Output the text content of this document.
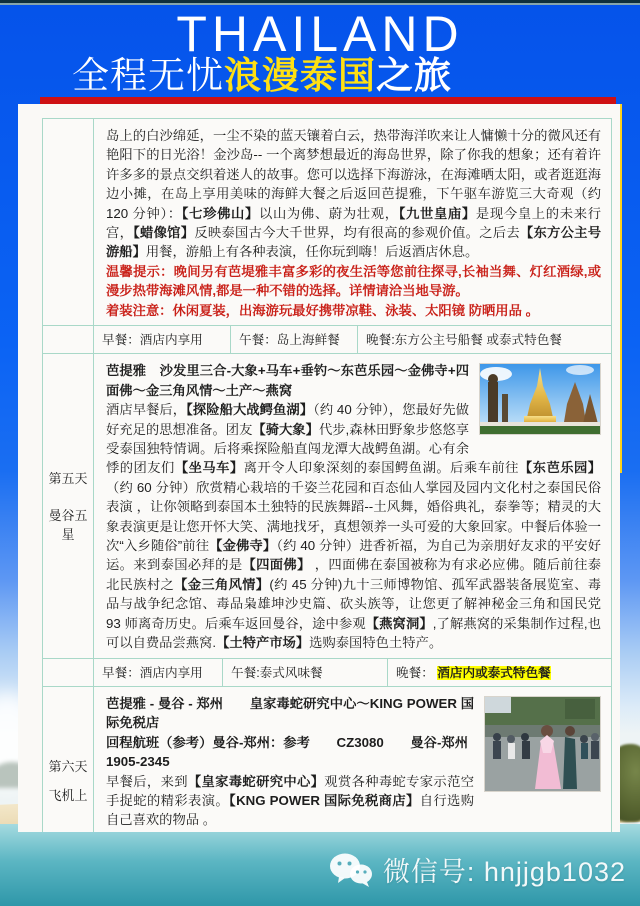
THAILAND
全程无忧浪漫泰国之旅

岛上的白沙绵延，一尘不染的蓝天镶着白云，热带海洋吹来让人慵懒十分的微风还有艳阳下的日光浴！金沙岛-- 一个离梦想最近的海岛世界，除了你我的想象；还有着许许多多的景点交织着迷人的故事。您可以选择下海游泳，在海滩晒太阳，或者逛逛海边小摊，在岛上享用美味的海鲜大餐之后返回芭提雅，下午驱车游览三大奇观（约 120 分钟）：【七珍佛山】以山为佛、蔚为壮观，【九世皇庙】是现今皇上的未来行宫，【蜡像馆】反映泰国古今大千世界，均有很高的参观价值。之后去【东方公主号游船】用餐，游船上有各种表演，任你玩到嗨！后返酒店休息。

温馨提示：晚间另有芭堤雅丰富多彩的夜生活等您前往探寻,长袖当舞、灯红酒绿,或漫步热带海滩风情,都是一种不错的选择。详情请洽当地导游。

着装注意：休闲夏装，出海游玩最好携带凉鞋、泳装、太阳镜 防晒用品 。

早餐：酒店内享用	午餐：岛上海鲜餐	晚餐:东方公主号船餐 或泰式特色餐
第五天
曼谷五星

芭提雅　沙发里三合-大象+马车+垂钓～东芭乐园～金佛寺+四面佛～金三角风情～土产～燕窝

酒店早餐后，【探险船大战鳄鱼湖】（约 40 分钟），您最好先做好充足的思想准备。团友【骑大象】代步,森林田野象步悠悠享受泰国独特情调。后将乘探险船直闯龙潭大战鳄鱼湖。心有余悸的团友们【坐马车】离开令人印象深刻的泰国鳄鱼湖。后乘车前往【东芭乐园】（约 60 分钟）欣赏精心栽培的千姿兰花园和百态仙人掌园及园内文化村之泰国民俗表演 ，让你领略到泰国本土独特的民族舞蹈--土风舞，婚俗典礼，泰拳等；精灵的大象表演更是让您开怀大笑、满地找牙，真想领养一头可爱的大象回家。中餐后体验一次“入乡随俗”前往【金佛寺】（约 40 分钟）进香祈福，为自己为亲朋好友求的平安好运。来到泰国必拜的是【四面佛】 ，四面佛在泰国被称为有求必应佛。随后前往泰北民族村之【金三角风情】(约 45 分钟)九十三师博物馆、孤军武器装备展览室、毒品与战争纪念馆、毒品枭雄坤沙史篇、砍头族等，让您更了解神秘金三角和国民党 93 师离奇历史。后乘车返回曼谷，途中参观【燕窝洞】,了解燕窝的采集制作过程,也可以自费品尝燕窝.【土特产市场】选购泰国特色土特产。

早餐：酒店内享用	午餐:泰式风味餐	晚餐： 酒店内或泰式特色餐
第六天
飞机上

芭提雅 - 曼谷 - 郑州　　皇家毒蛇研究中心～KING POWER 国际免税店

回程航班（参考）曼谷-郑州：参考　　CZ3080　　曼谷-郑州

1905-2345

早餐后，来到【皇家毒蛇研究中心】观赏各种毒蛇专家示范空手捉蛇的精彩表演。【KNG POWER 国际免税商店】自行选购自己喜欢的物品 。

微信号: hnjjgb1032
